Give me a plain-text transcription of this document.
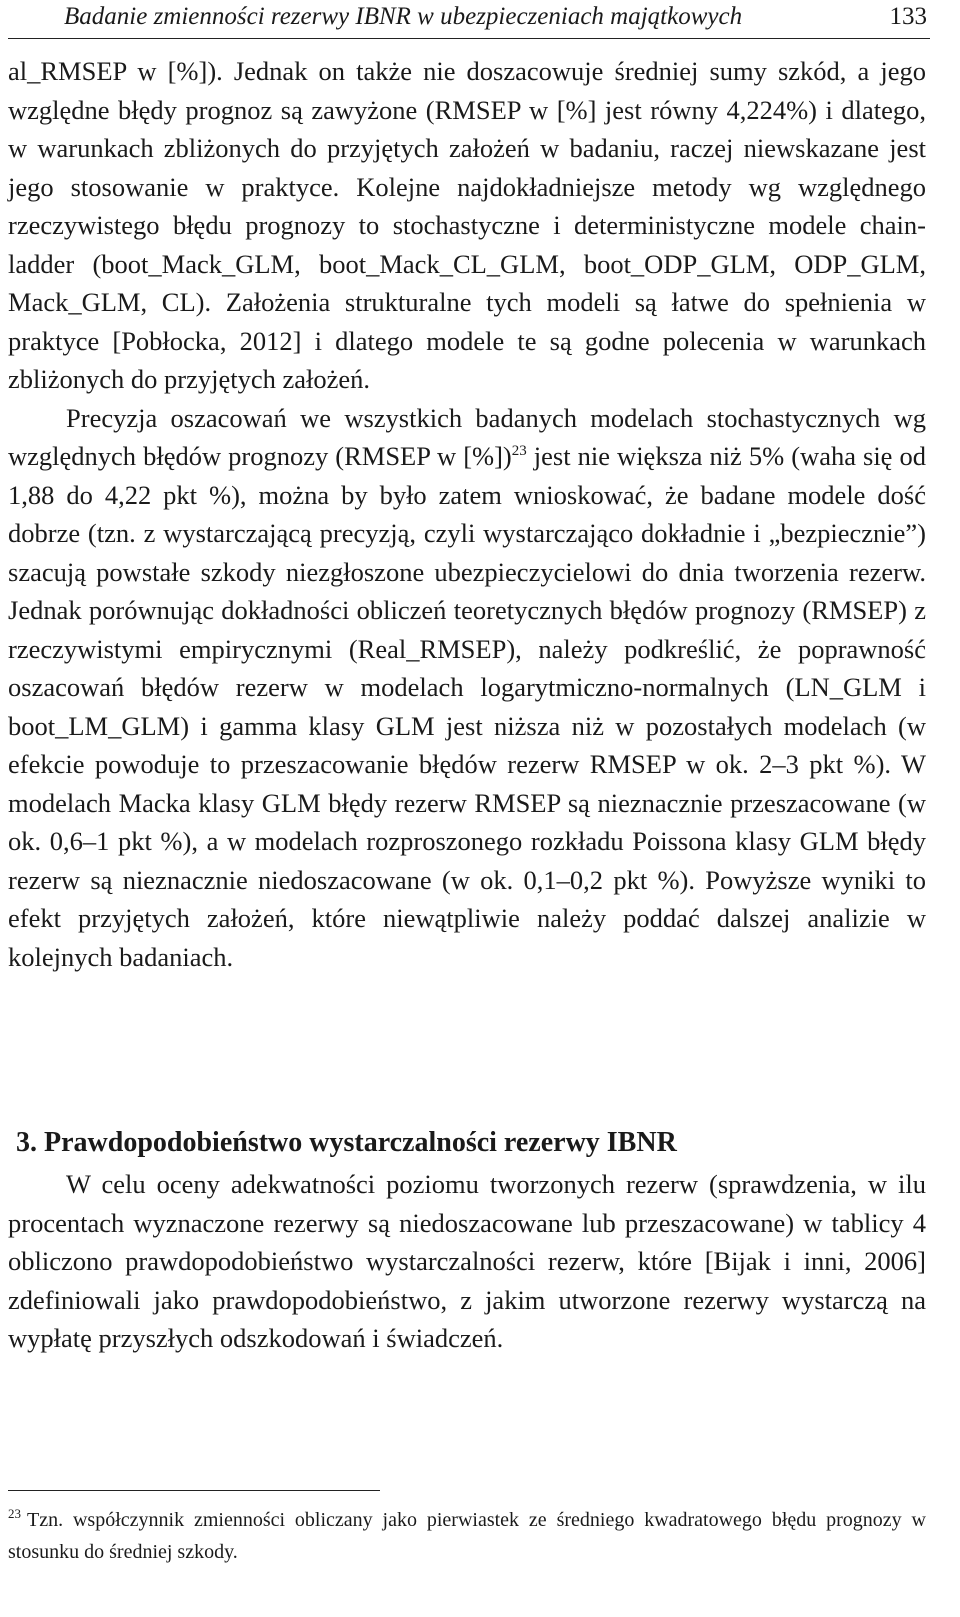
Badanie zmienności rezerwy IBNR w ubezpieczeniach majątkowych	133

al_RMSEP w [%]). Jednak on także nie doszacowuje średniej sumy szkód, a jego względne błędy prognoz są zawyżone (RMSEP w [%] jest równy 4,224%) i dlatego, w warunkach zbliżonych do przyjętych założeń w badaniu, raczej niewskazane jest jego stosowanie w praktyce. Kolejne najdokładniejsze metody wg względnego rzeczywistego błędu prognozy to stochastyczne i deterministyczne modele chain-ladder (boot_Mack_GLM, boot_Mack_CL_GLM, boot_ODP_GLM, ODP_GLM, Mack_GLM, CL). Założenia strukturalne tych modeli są łatwe do spełnienia w praktyce [Pobłocka, 2012] i dlatego modele te są godne polecenia w warunkach zbliżonych do przyjętych założeń.

Precyzja oszacowań we wszystkich badanych modelach stochastycznych wg względnych błędów prognozy (RMSEP w [%])$^{23}$ jest nie większa niż 5% (waha się od 1,88 do 4,22 pkt %), można by było zatem wnioskować, że badane modele dość dobrze (tzn. z wystarczającą precyzją, czyli wystarczająco dokładnie i „bezpiecznie”) szacują powstałe szkody niezgłoszone ubezpieczycielowi do dnia tworzenia rezerw. Jednak porównując dokładności obliczeń teoretycznych błędów prognozy (RMSEP) z rzeczywistymi empirycznymi (Real_RMSEP), należy podkreślić, że poprawność oszacowań błędów rezerw w modelach logarytmiczno-normalnych (LN_GLM i boot_LM_GLM) i gamma klasy GLM jest niższa niż w pozostałych modelach (w efekcie powoduje to przeszacowanie błędów rezerw RMSEP w ok. 2–3 pkt %). W modelach Macka klasy GLM błędy rezerw RMSEP są nieznacznie przeszacowane (w ok. 0,6–1 pkt %), a w modelach rozproszonego rozkładu Poissona klasy GLM błędy rezerw są nieznacznie niedoszacowane (w ok. 0,1–0,2 pkt %). Powyższe wyniki to efekt przyjętych założeń, które niewątpliwie należy poddać dalszej analizie w kolejnych badaniach.

3. Prawdopodobieństwo wystarczalności rezerwy IBNR

W celu oceny adekwatności poziomu tworzonych rezerw (sprawdzenia, w ilu procentach wyznaczone rezerwy są niedoszacowane lub przeszacowane) w tablicy 4 obliczono prawdopodobieństwo wystarczalności rezerw, które [Bijak i inni, 2006] zdefiniowali jako prawdopodobieństwo, z jakim utworzone rezerwy wystarczą na wypłatę przyszłych odszkodowań i świadczeń.

$^{23}$ Tzn. współczynnik zmienności obliczany jako pierwiastek ze średniego kwadratowego błędu prognozy w stosunku do średniej szkody.
